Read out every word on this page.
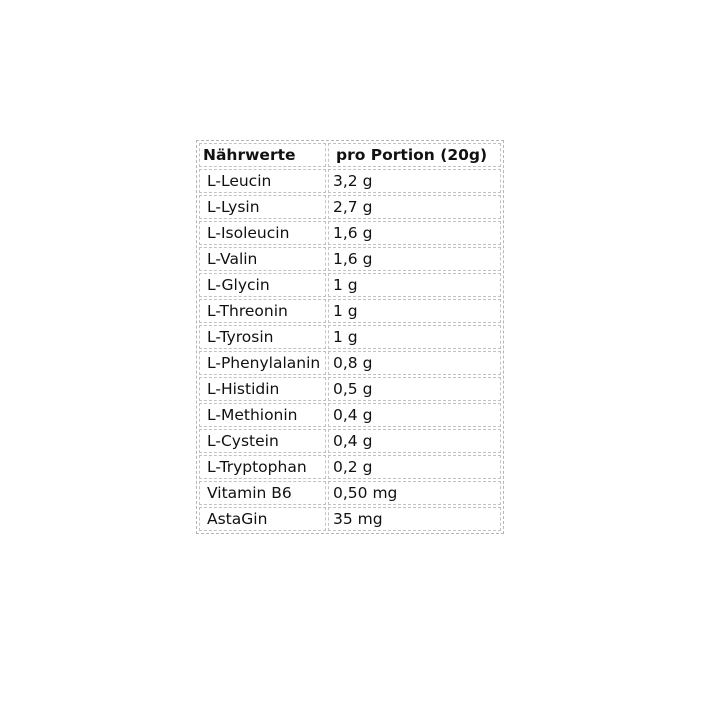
Nährwerte	pro Portion (20g)
L-Leucin	3,2 g
L-Lysin	2,7 g
L-Isoleucin	1,6 g
L-Valin	1,6 g
L-Glycin	1 g
L-Threonin	1 g
L-Tyrosin	1 g
L-Phenylalanin	0,8 g
L-Histidin	0,5 g
L-Methionin	0,4 g
L-Cystein	0,4 g
L-Tryptophan	0,2 g
Vitamin B6	0,50 mg
AstaGin	35 mg
